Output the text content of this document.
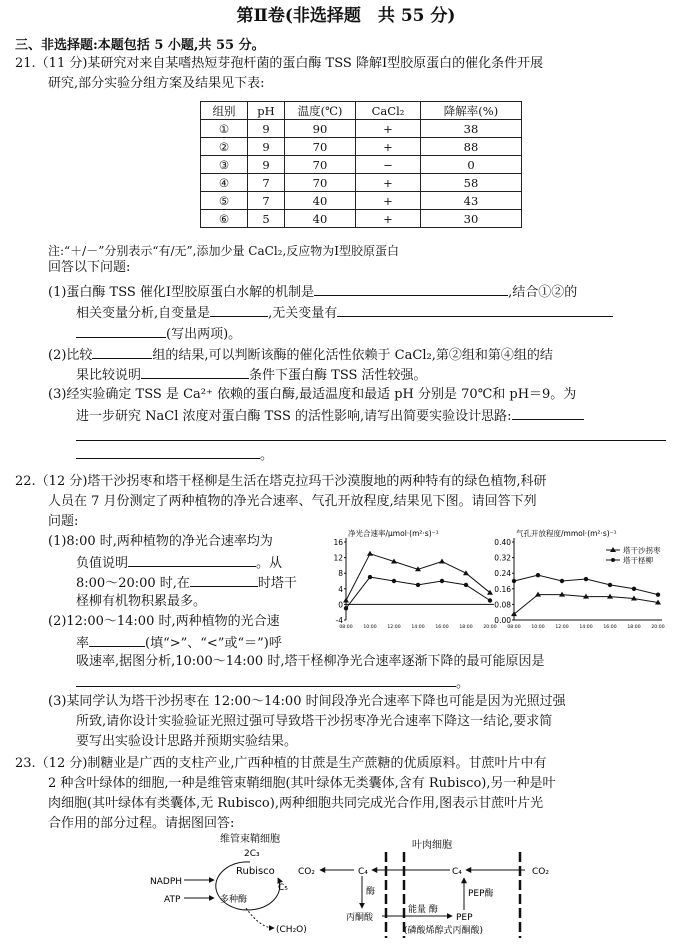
第Ⅱ卷(非选择题　共 55 分)
三、非选择题:本题包括 5 小题,共 55 分。
21.（11 分)某研究对来自某嗜热短芽孢杆菌的蛋白酶 TSS 降解Ⅰ型胶原蛋白的催化条件开展
研究,部分实验分组方案及结果见下表:
组别	pH	温度(℃)	CaCl₂	降解率(%)
①	9	90	+	38
②	9	70	+	88
③	9	70	−	0
④	7	70	+	58
⑤	7	40	+	43
⑥	5	40	+	30
注:“＋/－”分别表示“有/无”,添加少量 CaCl₂,反应物为Ⅰ型胶原蛋白
回答以下问题:
(1)蛋白酶 TSS 催化Ⅰ型胶原蛋白水解的机制是	,结合①②的
相关变量分析,自变量是	,无关变量有
(写出两项)。
(2)比较	组的结果,可以判断该酶的催化活性依赖于 CaCl₂,第②组和第④组的结
果比较说明	条件下蛋白酶 TSS 活性较强。
(3)经实验确定 TSS 是 Ca²⁺ 依赖的蛋白酶,最适温度和最适 pH 分别是 70℃和 pH＝9。为
进一步研究 NaCl 浓度对蛋白酶 TSS 的活性影响,请写出简要实验设计思路:
。
22.（12 分)塔干沙拐枣和塔干柽柳是生活在塔克拉玛干沙漠腹地的两种特有的绿色植物,科研
人员在 7 月份测定了两种植物的净光合速率、气孔开放程度,结果见下图。请回答下列
问题:
(1)8:00 时,两种植物的净光合速率均为
负值说明	。从
8:00～20:00 时,在	时塔干
柽柳有机物积累最多。
(2)12:00～14:00 时,两种植物的光合速
率	(填“>”、“<”或“＝”)呼
吸速率,据图分析,10:00～14:00 时,塔干柽柳净光合速率逐渐下降的最可能原因是
。
净光合速率/μmol·(m²·s)⁻¹
-4
0
4
8
12
16
08:00 10:00 12:00 14:00 16:00 18:00 20:00
气孔开放程度/mmol·(m²·s)⁻¹
0.00
0.08
0.16
0.24
0.32
0.40
08:00 10:00 12:00 14:00 16:00 18:00 20:00
塔干沙拐枣
塔干柽柳
(3)某同学认为塔干沙拐枣在 12:00～14:00 时间段净光合速率下降也可能是因为光照过强
所致,请你设计实验验证光照过强可导致塔干沙拐枣净光合速率下降这一结论,要求简
要写出实验设计思路并预期实验结果。
23.（12 分)制糖业是广西的支柱产业,广西种植的甘蔗是生产蔗糖的优质原料。甘蔗叶片中有
2 种含叶绿体的细胞,一种是维管束鞘细胞(其叶绿体无类囊体,含有 Rubisco),另一种是叶
肉细胞(其叶绿体有类囊体,无 Rubisco),两种细胞共同完成光合作用,图表示甘蔗叶片光
合作用的部分过程。请据图回答:
维管束鞘细胞
叶肉细胞
2C₃
Rubisco
C₅
CO₂	C₄	C₄	CO₂
NADPH
ATP	多种酶
(CH₂O)
酶
丙酮酸
能量 酶
PEP
PEP酶
(磷酸烯醇式丙酮酸)
